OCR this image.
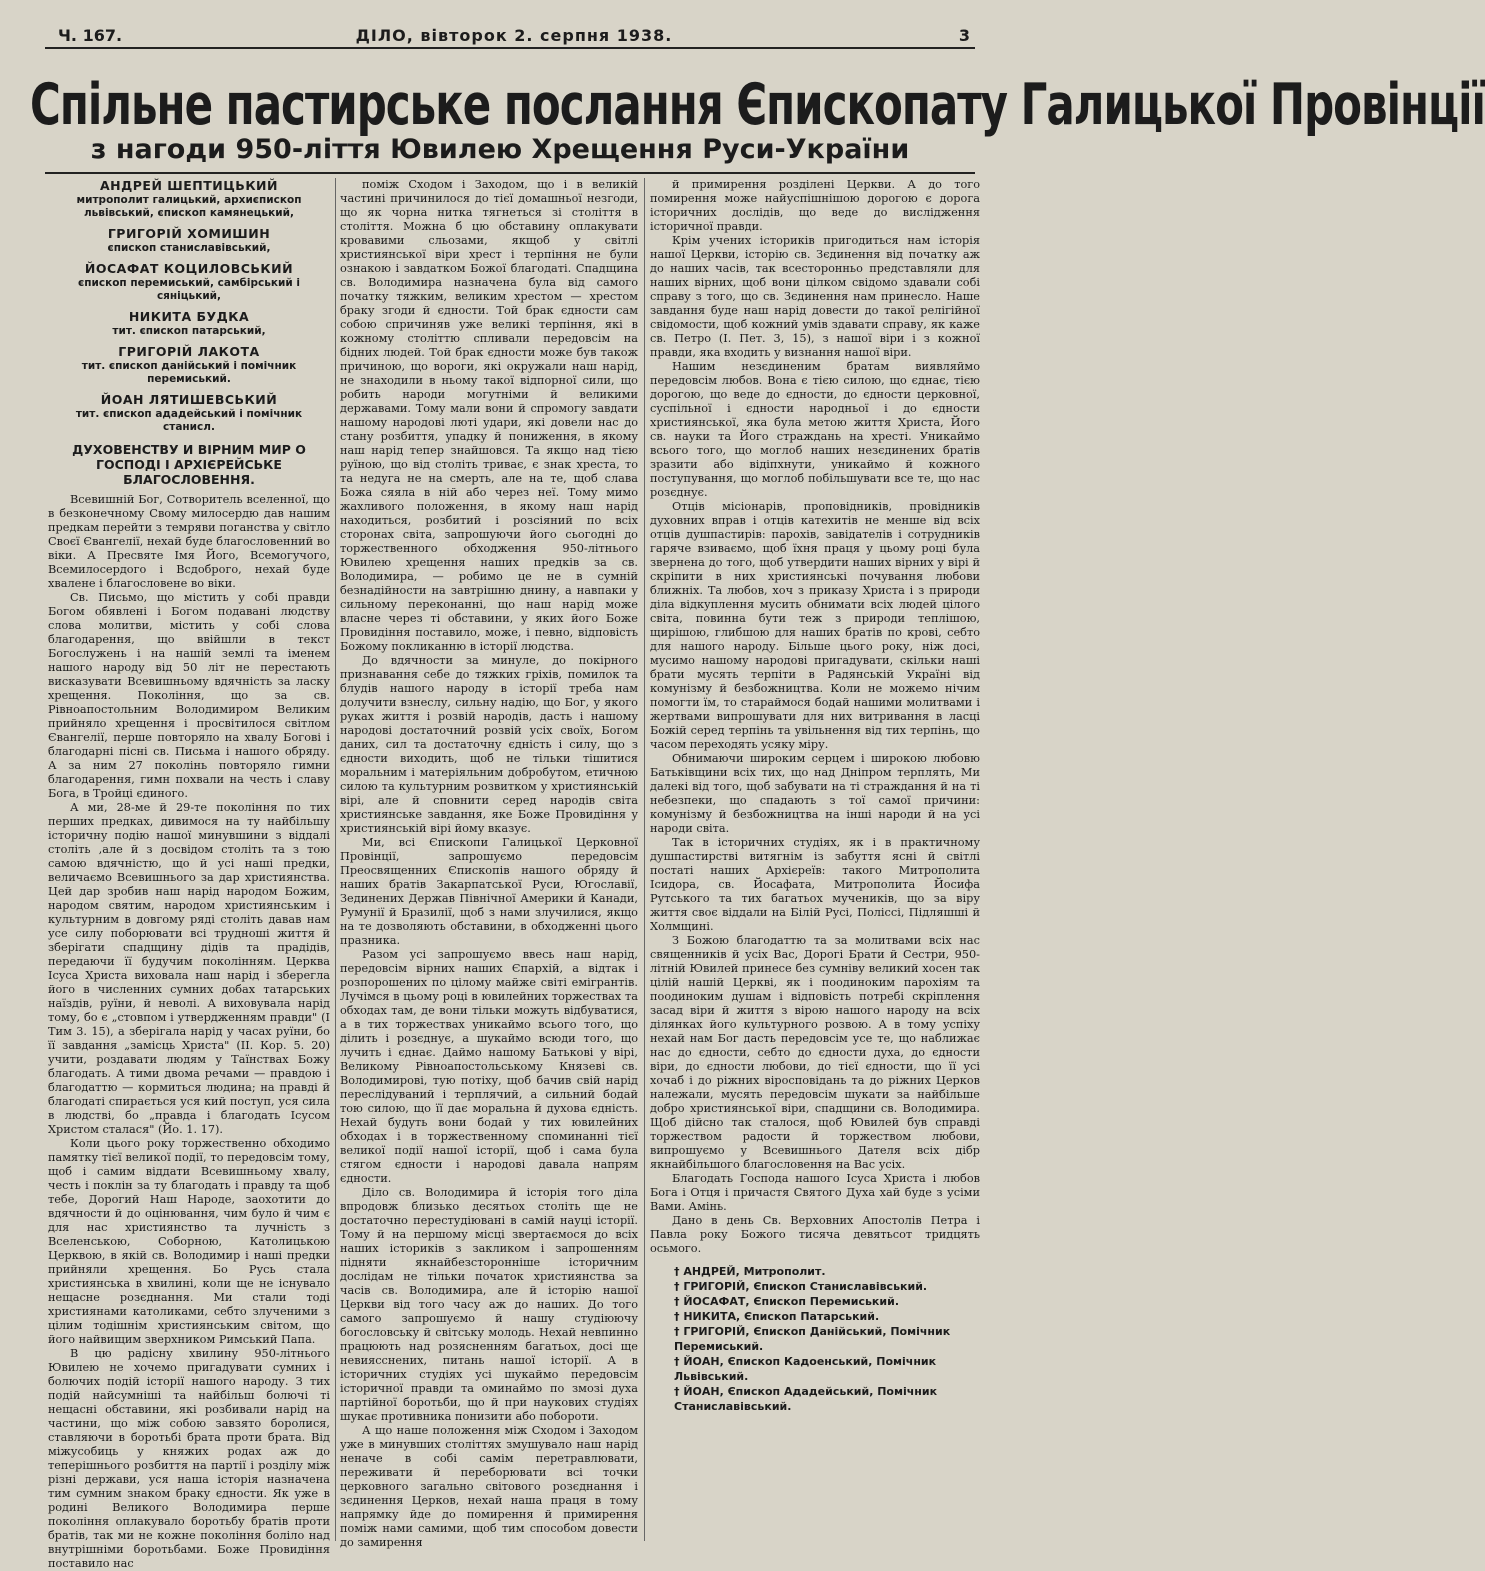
Ч. 167.	ДІЛО, вівторок 2. серпня 1938.	3
Спільне пастирське послання Єпископату Галицької Провінції
з нагоди 950-ліття Ювилею Хрещення Руси-України
АНДРЕЙ ШЕПТИЦЬКИЙ
митрополит галицький, архиєпископ львівський, єпископ камянецький,
ГРИГОРІЙ ХОМИШИН
єпископ станиславівський,
ЙОСАФАТ КОЦИЛОВСЬКИЙ
єпископ перемиський, самбірський і сяніцький,
НИКИТА БУДКА
тит. єпископ патарський,
ГРИГОРІЙ ЛАКОТА
тит. єпископ данійський і помічник перемиський.
ЙОАН ЛЯТИШЕВСЬКИЙ
тит. єпископ ададейський і помічник станисл.
ДУХОВЕНСТВУ И ВІРНИМ МИР О ГОСПОДІ І АРХІЄРЕЙСЬКЕ БЛАГОСЛОВЕННЯ.

Всевишній Бог, Сотворитель вселенної, що в безконечному Свому милосердю дав нашим предкам перейти з темряви поганства у світло Своєї Євангелії, нехай буде благословенний во віки. А Пресвяте Імя Його, Всемогучого, Всемилосердого і Всдоброго, нехай буде хвалене і благословене во віки.

Св. Письмо, що містить у собі правди Богом обявлені і Богом подавані людству слова молитви, містить у собі слова благодарення, що ввійшли в текст Богослужень і на нашій землі та іменем нашого народу від 50 літ не перестають висказувати Всевишньому вдячність за ласку хрещення. Покоління, що за св. Рівноапостольним Володимиром Великим прийняло хрещення і просвітилося світлом Євангелії, перше повторяло на хвалу Богові і благодарні пісні св. Письма і нашого обряду. А за ним 27 поколінь повторяло гимни благодарення, гимн похвали на честь і славу Бога, в Тройці єдиного.

А ми, 28-ме й 29-те покоління по тих перших предках, дивимося на ту найбільшу історичну подію нашої минувшини з віддалі століть ,але й з досвідом століть та з тою самою вдячністю, що й усі наші предки, величаємо Всевишнього за дар християнства. Цей дар зробив наш нарід народом Божим, народом святим, народом християнським і культурним в довгому ряді століть давав нам усе силу поборювати всі трудноші життя й зберігати спадщину дідів та прадідів, передаючи її будучим поколінням. Церква Ісуса Христа виховала наш нарід і зберегла його в численних сумних добах татарських наїздів, руїни, й неволі. А виховувала нарід тому, бо є „стовпом і утвердженням правди" (І Тим 3. 15), а зберігала нарід у часах руїни, бо її завдання „замісць Христа" (ІІ. Кор. 5. 20) учити, роздавати людям у Таїнствах Божу благодать. А тими двома речами — правдою і благодаттю — кормиться людина; на правді й благодаті спирається уся кий поступ, уся сила в людстві, бо „правда і благодать Ісусом Христом сталася" (Йо. 1. 17).

Коли цього року торжественно обходимо памятку тієї великої події, то передовсім тому, щоб і самим віддати Всевишньому хвалу, честь і поклін за ту благодать і правду та щоб тебе, Дорогий Наш Народе, заохотити до вдячности й до оцінювання, чим було й чим є для нас християнство та лучність з Вселенською, Соборною, Католицькою Церквою, в якій св. Володимир і наші предки прийняли хрещення. Бо Русь стала християнська в хвилині, коли ще не існувало нещасне розєднання. Ми стали тоді християнами католиками, себто злученими з цілим тодішнім християнським світом, що його найвищим зверхником Римський Папа.

В цю радісну хвилину 950-літнього Ювилею не хочемо пригадувати сумних і болючих подій історії нашого народу. З тих подій найсумніші та найбільш болючі ті нещасні обставини, які розбивали нарід на частини, що між собою завзято боролися, ставляючи в боротьбі брата проти брата. Від міжусобиць у княжих родах аж до теперішнього розбиття на партії і розділу між різні держави, уся наша історія назначена тим сумним знаком браку єдности. Як уже в родині Великого Володимира перше покоління оплакувало боротьбу братів проти братів, так ми не кожне покоління боліло над внутрішніми боротьбами. Боже Провидіння поставило нас

поміж Сходом і Заходом, що і в великій частині причинилося до тієї домашньої незгоди, що як чорна нитка тягнеться зі століття в століття. Можна б цю обставину оплакувати кровавими сльозами, якщоб у світлі християнської віри хрест і терпіння не були ознакою і завдатком Божої благодаті. Спадщина св. Володимира назначена була від самого початку тяжким, великим хрестом — хрестом браку згоди й єдности. Той брак єдности сам собою спричиняв уже великі терпіння, які в кожному століттю спливали передовсім на бідних людей. Той брак єдности може був також причиною, що вороги, які окружали наш нарід, не знаходили в ньому такої відпорної сили, що робить народи могутніми й великими державами. Тому мали вони й спромогу завдати нашому народові люті удари, які довели нас до стану розбиття, упадку й пониження, в якому наш нарід тепер знайшовся. Та якщо над тією руїною, що від століть триває, є знак хреста, то та недуга не на смерть, але на те, щоб слава Божа сяяла в ній або через неї. Тому мимо жахливого положення, в якому наш нарід находиться, розбитий і розсіяний по всіх сторонах світа, запрошуючи його сьогодні до торжественного обходження 950-літнього Ювилею хрещення наших предків за св. Володимира, — робимо це не в сумній безнадійности на завтрішню днину, а навпаки у сильному переконанні, що наш нарід може власне через ті обставини, у яких його Боже Провидіння поставило, може, і певно, відповість Божому покликанню в історії людства.

До вдячности за минуле, до покірного признавання себе до тяжких гріхів, помилок та блудів нашого народу в історії треба нам долучити взнеслу, сильну надію, що Бог, у якого руках життя і розвій народів, дасть і нашому народові достаточний розвій усіх своїх, Богом даних, сил та достаточну єдність і силу, що з єдности виходить, щоб не тільки тішитися моральним і матеріяльним добробутом, етичною силою та культурним розвитком у християнській вірі, але й сповнити серед народів світа християнське завдання, яке Боже Провидіння у християнській вірі йому вказує.

Ми, всі Єпископи Галицької Церковної Провінції, запрошуємо передовсім Преосвященних Єпископів нашого обряду й наших братів Закарпатської Руси, Югославії, Зединених Держав Північної Америки й Канади, Румунії й Бразилії, щоб з нами злучилися, якщо на те дозволяють обставини, в обходженні цього празника.

Разом усі запрошуємо ввесь наш нарід, передовсім вірних наших Єпархій, а відтак і розпорошених по цілому майже світі емігрантів. Лучімся в цьому році в ювилейних торжествах та обходах там, де вони тільки можуть відбуватися, а в тих торжествах уникаймо всього того, що ділить і розєднує, а шукаймо всюди того, що лучить і єднає. Даймо нашому Батькові у вірі, Великому Рівноапостольському Князеві св. Володимирові, тую потіху, щоб бачив свій нарід переслідуваний і терплячий, а сильний бодай тою силою, що її дає моральна й духова єдність. Нехай будуть вони бодай у тих ювилейних обходах і в торжественному споминанні тієї великої події нашої історії, щоб і сама була стягом єдности і народові давала напрям єдности.

Діло св. Володимира й історія того діла впродовж близько десятьох століть ще не достаточно перестудіювані в самій науці історії. Тому й на першому місці звертаємося до всіх наших істориків з закликом і запрошенням підняти якнайбезсторонніше історичним дослідам не тільки початок християнства за часів св. Володимира, але й історію нашої Церкви від того часу аж до наших. До того самого запрошуємо й нашу студіюючу богословську й світську молодь. Нехай невпинно працюють над розясненням багатьох, досі ще невиясснених, питань нашої історії. А в історичних студіях усі шукаймо передовсім історичної правди та оминаймо по змозі духа партійної боротьби, що й при наукових студіях шукає противника понизити або побороти.

А що наше положення між Сходом і Заходом уже в минувших століттях змушувало наш нарід неначе в собі самім перетравлювати, переживати й переборювати всі точки церковного загально світового розєднання і зєдинення Церков, нехай наша праця в тому напрямку йде до помирення й примирення поміж нами самими, щоб тим способом довести до замирення

й примирення розділені Церкви. А до того помирення може найуспішнішою дорогою є дорога історичних дослідів, що веде до вислідження історичної правди.

Крім учених істориків пригодиться нам історія нашої Церкви, історію св. Зєдинення від початку аж до наших часів, так всесторонньо представляли для наших вірних, щоб вони цілком свідомо здавали собі справу з того, що св. Зєдинення нам принесло. Наше завдання буде наш нарід довести до такої релігійної свідомости, щоб кожний умів здавати справу, як каже св. Петро (І. Пет. 3, 15), з нашої віри і з кожної правди, яка входить у визнання нашої віри.

Нашим незєдиненим братам виявляймо передовсім любов. Вона є тією силою, що єднає, тією дорогою, що веде до єдности, до єдности церковної, суспільної і єдности народньої і до єдности християнської, яка була метою життя Христа, Його св. науки та Його страждань на хресті. Уникаймо всього того, що моглоб наших незєдинених братів зразити або відіпхнути, уникаймо й кожного поступування, що моглоб побільшувати все те, що нас розєднує.

Отців місіонарів, проповідників, провідників духовних вправ і отців катехитів не менше від всіх отців душпастирів: парохів, завідателів і сотрудників гаряче взиваємо, щоб їхня праця у цьому році була звернена до того, щоб утвердити наших вірних у вірі й скріпити в них християнські почування любови ближніх. Та любов, хоч з приказу Христа і з природи діла відкуплення мусить обнимати всіх людей цілого світа, повинна бути теж з природи теплішою, щирішою, глибшою для наших братів по крові, себто для нашого народу. Більше цього року, ніж досі, мусимо нашому народові пригадувати, скільки наші брати мусять терпіти в Радянській Україні від комунізму й безбожництва. Коли не можемо нічим помогти їм, то стараймося бодай нашими молитвами і жертвами випрошувати для них витривання в ласці Божій серед терпінь та увільнення від тих терпінь, що часом переходять усяку міру.

Обнимаючи широким серцем і широкою любовю Батьківщини всіх тих, що над Дніпром терплять, Ми далекі від того, щоб забувати на ті страждання й на ті небезпеки, що спадають з тої самої причини: комунізму й безбожництва на інші народи й на усі народи світа.

Так в історичних студіях, як і в практичному душпастирстві витягнім із забуття ясні й світлі постаті наших Архієреїв: такого Митрополита Ісидора, св. Йосафата, Митрополита Йосифа Рутського та тих багатьох мучеників, що за віру життя своє віддали на Білій Русі, Поліссі, Підляшші й Холмщині.

З Божою благодаттю та за молитвами всіх нас священників й усіх Вас, Дорогі Брати й Сестри, 950-літній Ювилей принесе без сумніву великий хосен так цілій нашій Церкві, як і поодиноким парохіям та поодиноким душам і відповість потребі скріплення засад віри й життя з вірою нашого народу на всіх ділянках його культурного розвою. А в тому успіху нехай нам Бог дасть передовсім усе те, що наближає нас до єдности, себто до єдности духа, до єдности віри, до єдности любови, до тієї єдности, що її усі хочаб і до ріжних віросповідань та до ріжних Церков належали, мусять передовсім шукати за найбільше добро християнської віри, спадщини св. Володимира. Щоб дійсно так сталося, щоб Ювилей був справді торжеством радости й торжеством любови, випрошуємо у Всевишнього Дателя всіх дібр якнайбільшого благословення на Вас усіх.

Благодать Господа нашого Ісуса Христа і любов Бога і Отця і причастя Святого Духа хай буде з усіми Вами. Амінь.

Дано в день Св. Верховних Апостолів Петра і Павла року Божого тисяча девятьсот тридцять осьмого.

† АНДРЕЙ, Митрополит.
† ГРИГОРІЙ, Єпископ Станиславівський.
† ЙОСАФАТ, Єпископ Перемиський.
† НИКИТА, Єпископ Патарський.
† ГРИГОРІЙ, Єпископ Данійський, Помічник Перемиський.
† ЙОАН, Єпископ Кадоенський, Помічник Львівський.
† ЙОАН, Єпископ Ададейський, Помічник Станиславівський.
